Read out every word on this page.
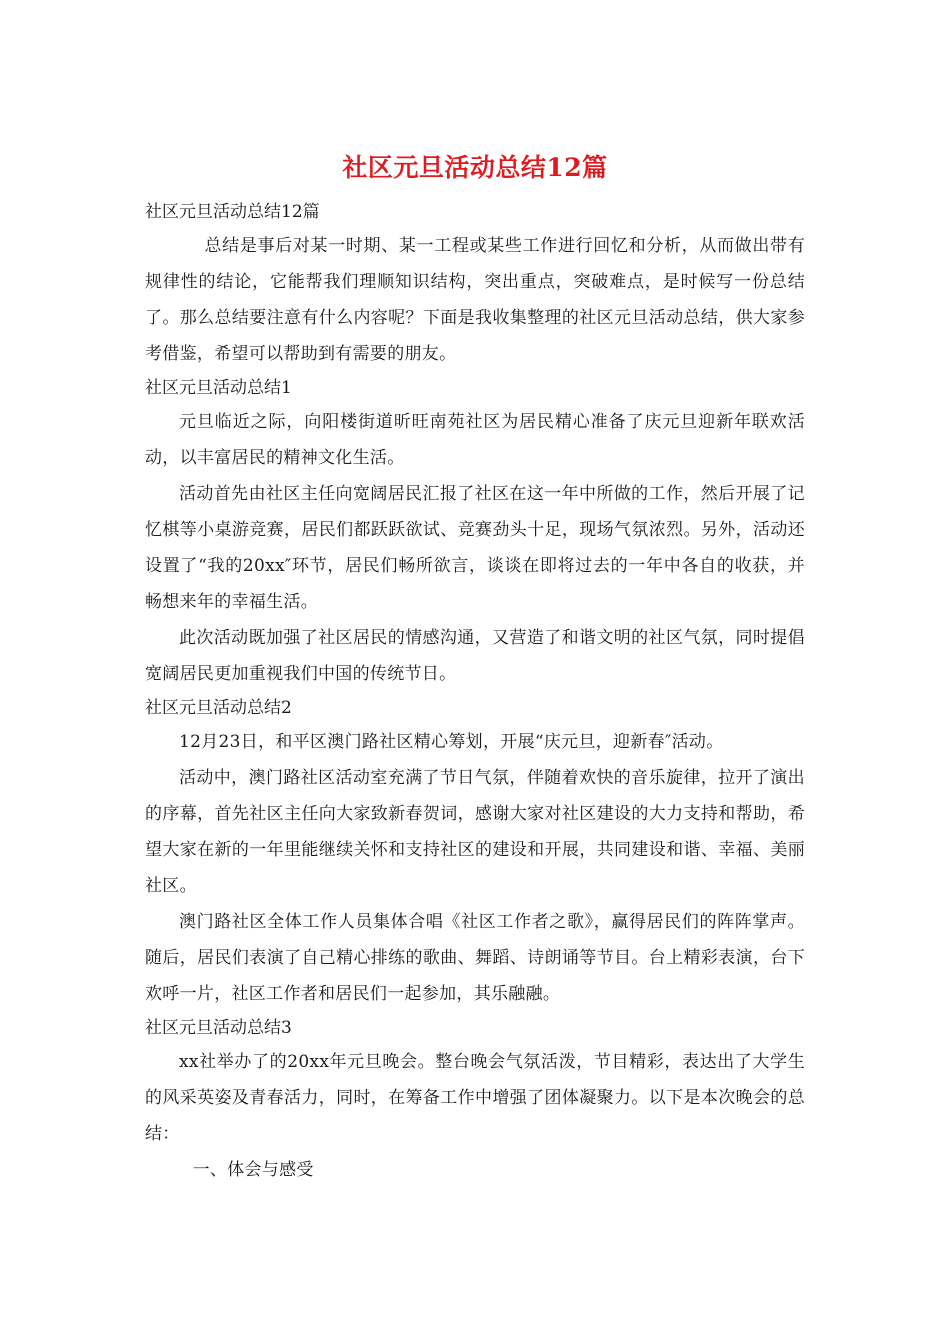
社区元旦活动总结12篇

社区元旦活动总结12篇

总结是事后对某一时期、某一工程或某些工作进行回忆和分析，从而做出带有规律性的结论，它能帮我们理顺知识结构，突出重点，突破难点，是时候写一份总结了。那么总结要注意有什么内容呢？下面是我收集整理的社区元旦活动总结，供大家参考借鉴，希望可以帮助到有需要的朋友。

社区元旦活动总结1

元旦临近之际，向阳楼街道昕旺南苑社区为居民精心准备了庆元旦迎新年联欢活动，以丰富居民的精神文化生活。

活动首先由社区主任向宽阔居民汇报了社区在这一年中所做的工作，然后开展了记忆棋等小桌游竞赛，居民们都跃跃欲试、竞赛劲头十足，现场气氛浓烈。另外，活动还设置了“我的20xx″环节，居民们畅所欲言，谈谈在即将过去的一年中各自的收获，并畅想来年的幸福生活。

此次活动既加强了社区居民的情感沟通，又营造了和谐文明的社区气氛，同时提倡宽阔居民更加重视我们中国的传统节日。

社区元旦活动总结2

12月23日，和平区澳门路社区精心筹划，开展“庆元旦，迎新春″活动。

活动中，澳门路社区活动室充满了节日气氛，伴随着欢快的音乐旋律，拉开了演出的序幕，首先社区主任向大家致新春贺词，感谢大家对社区建设的大力支持和帮助，希望大家在新的一年里能继续关怀和支持社区的建设和开展，共同建设和谐、幸福、美丽社区。

澳门路社区全体工作人员集体合唱《社区工作者之歌》，赢得居民们的阵阵掌声。随后，居民们表演了自己精心排练的歌曲、舞蹈、诗朗诵等节目。台上精彩表演，台下欢呼一片，社区工作者和居民们一起参加，其乐融融。

社区元旦活动总结3

xx社举办了的20xx年元旦晚会。整台晚会气氛活泼，节目精彩，表达出了大学生的风采英姿及青春活力，同时，在筹备工作中增强了团体凝聚力。以下是本次晚会的总结：

一、体会与感受
